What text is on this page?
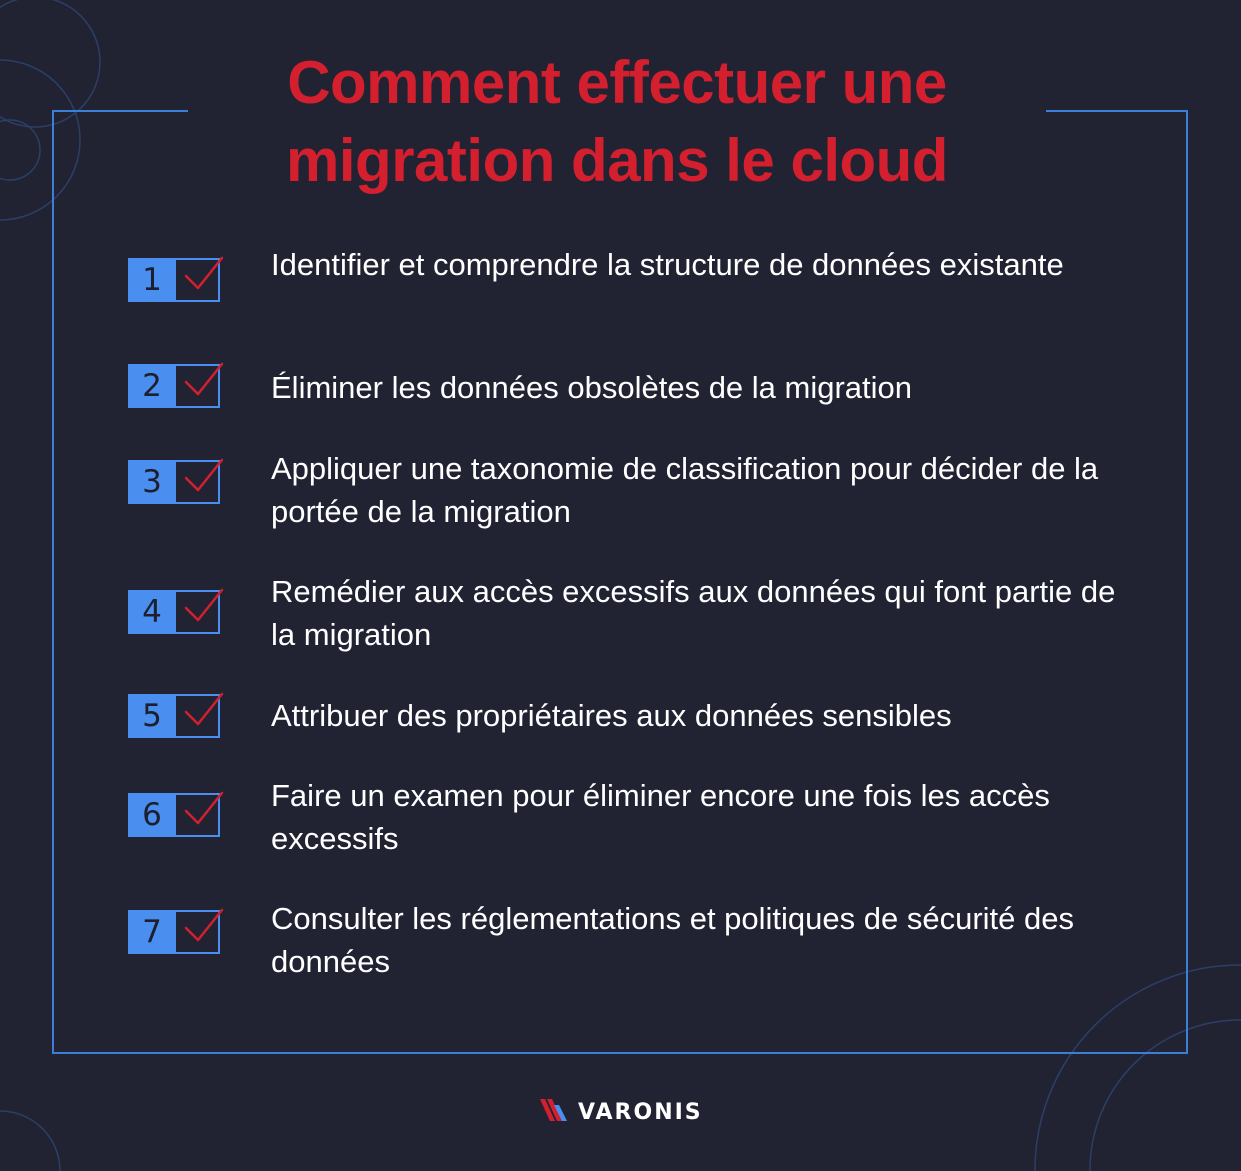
Comment effectuer une migration dans le cloud
1	Identifier et comprendre la structure de données existante

2	Éliminer les données obsolètes de la migration

3	Appliquer une taxonomie de classification pour décider de la portée de la migration

4

Remédier aux accès excessifs aux données qui font partie de la migration

5	Attribuer des propriétaires aux données sensibles

6

Faire un examen pour éliminer encore une fois les accès excessifs

7	Consulter les réglementations et politiques de sécurité des données

VARONIS
